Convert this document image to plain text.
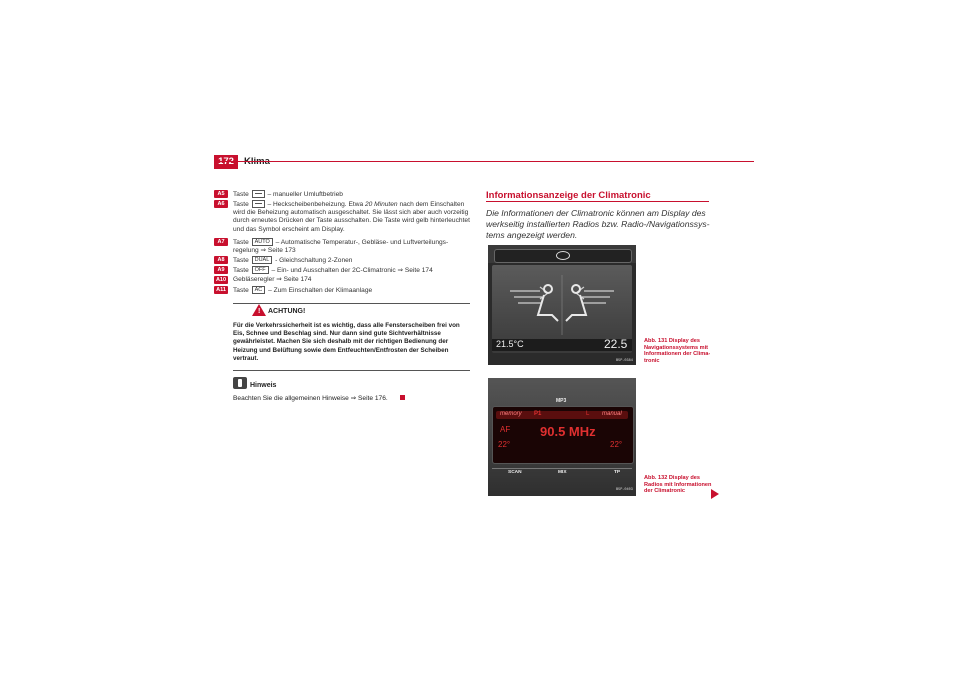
A5	Taste	– manueller Umluftbetrieb
A6	Taste	– Heckscheibenbeheizung. Etwa 20 Minuten nach dem Einschalten wird die Beheizung automatisch ausgeschaltet. Sie lässt sich aber auch vorzeitig durch erneutes Drücken der Taste ausschalten. Die Taste wird gelb hinterleuchtet und das Symbol erscheint am Display.
A7	Taste AUTO – Automatische Temperatur-, Gebläse- und Luftverteilungs-regelung ⇒ Seite 173
A8	Taste DUAL - Gleichschaltung 2-Zonen
A9	Taste OFF – Ein- und Ausschalten der 2C-Climatronic ⇒ Seite 174
A10 Gebläseregler ⇒ Seite 174
A11	Taste AC – Zum Einschalten der Klimaanlage
! ACHTUNG!
Für die Verkehrssicherheit ist es wichtig, dass alle Fensterscheiben frei von Eis, Schnee und Beschlag sind. Nur dann sind gute Sichtverhältnisse gewährleistet. Machen Sie sich deshalb mit der richtigen Bedienung der Heizung und Belüftung sowie dem Entfeuchten/Entfrosten der Scheiben vertraut.
Hinweis
Beachten Sie die allgemeinen Hinweise ⇒ Seite 176.
Informationsanzeige der Climatronic
Die Informationen der Climatronic können am Display des werkseitig installierten Radios bzw. Radio-/Navigationssys-tems angezeigt werden.
21.5°C	22.5
B5P-0384
Abb. 131 Display des Navigationssystems mit Informationen der Clima-tronic
MP3
memory P1	L manual
AF 90.5 MHz
22°	22°
SCAN	MIX	TP
B5P-0403
Abb. 132 Display des Radios mit Informationen der Climatronic
